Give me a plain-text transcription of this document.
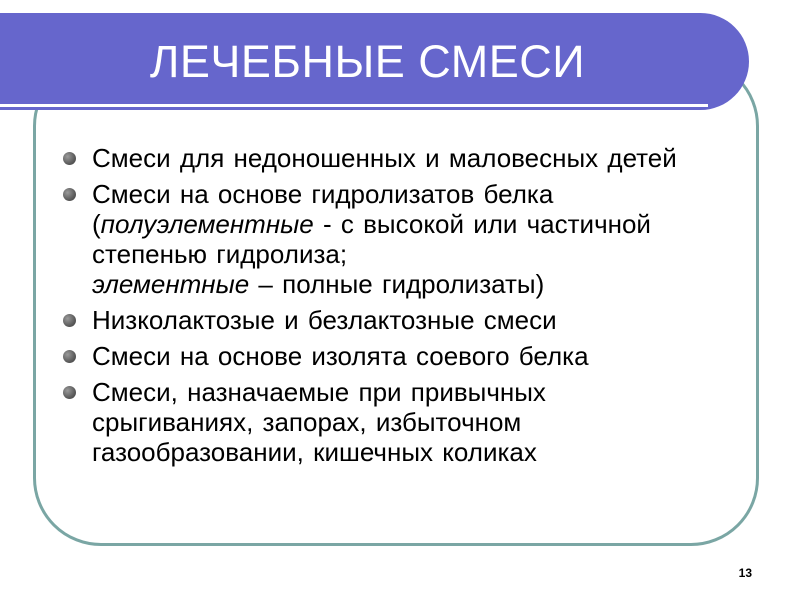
ЛЕЧЕБНЫЕ СМЕСИ
Смеси для недоношенных и маловесных детей
Смеси на основе гидролизатов белка (полуэлементные - с высокой или частичной степенью гидролиза;
элементные – полные гидролизаты)
Низколактозые и безлактозные смеси
Смеси на основе изолята соевого белка
Смеси, назначаемые при привычных срыгиваниях, запорах, избыточном газообразовании, кишечных коликах
13
